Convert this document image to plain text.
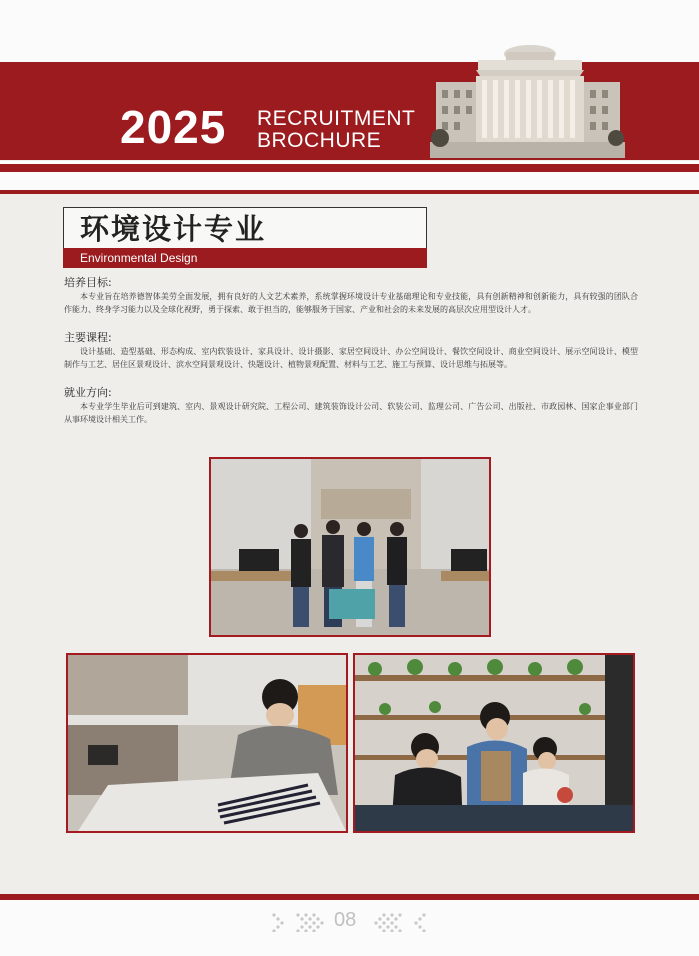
2025 RECRUITMENT
BROCHURE
环境设计专业
Environmental Design
培养目标:
本专业旨在培养德智体美劳全面发展，拥有良好的人文艺术素养，系统掌握环境设计专业基础理论和专业技能，具有创新精神和创新能力，具有较强的团队合作能力、终身学习能力以及全球化视野，勇于探索、敢于担当的，能够服务于国家、产业和社会的未来发展的高层次应用型设计人才。
主要课程:
设计基础、造型基础、形态构成、室内软装设计、家具设计、设计摄影、家居空间设计、办公空间设计、餐饮空间设计、商业空间设计、展示空间设计、模型制作与工艺、居住区景观设计、滨水空间景观设计、快题设计、植物景观配置、材料与工艺、施工与预算、设计思维与拓展等。
就业方向:
本专业学生毕业后可到建筑、室内、景观设计研究院、工程公司、建筑装饰设计公司、软装公司、监理公司、广告公司、出版社、市政园林、国家企事业部门从事环境设计相关工作。
08
